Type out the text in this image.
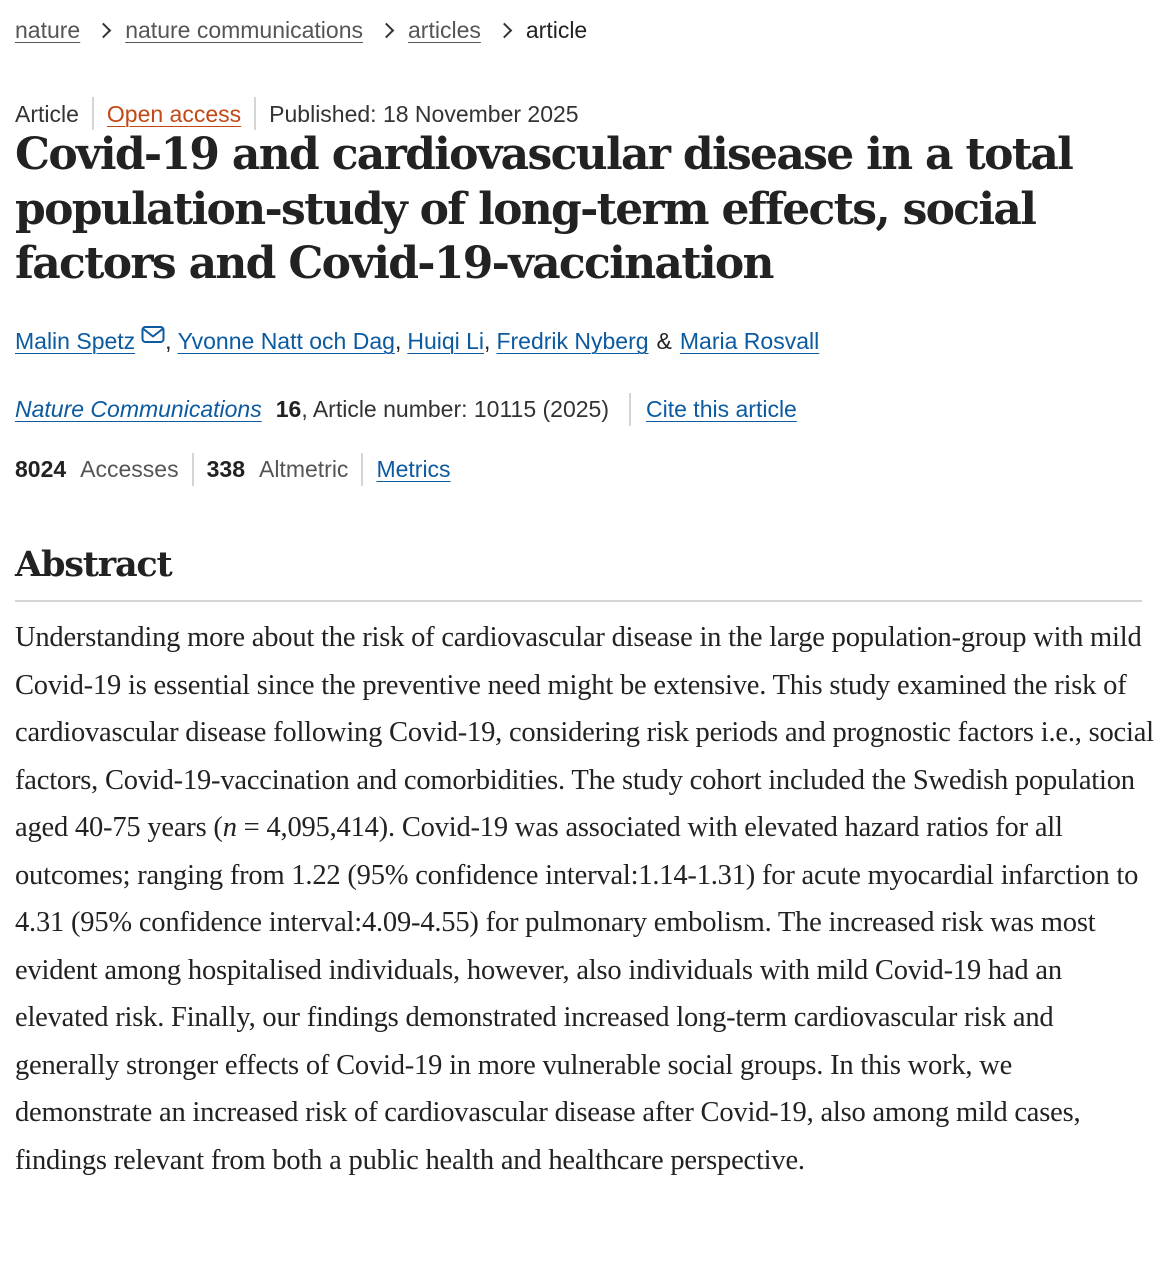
nature nature communications articles article
Article Open access Published: 18 November 2025
Covid-19 and cardiovascular disease in a total population-study of long-term effects, social factors and Covid-19-vaccination
Malin Spetz , Yvonne Natt och Dag , Huiqi Li , Fredrik Nyberg & Maria Rosvall
Nature Communications 16 , Article number: 10115 (2025) Cite this article
8024 Accesses 338 Altmetric Metrics
Abstract

Understanding more about the risk of cardiovascular disease in the large population-group with mild Covid-19 is essential since the preventive need might be extensive. This study examined the risk of cardiovascular disease following Covid-19, considering risk periods and prognostic factors i.e., social factors, Covid-19-vaccination and comorbidities. The study cohort included the Swedish population aged 40-75 years (n = 4,095,414). Covid-19 was associated with elevated hazard ratios for all outcomes; ranging from 1.22 (95% confidence interval:1.14-1.31) for acute myocardial infarction to 4.31 (95% confidence interval:4.09-4.55) for pulmonary embolism. The increased risk was most evident among hospitalised individuals, however, also individuals with mild Covid-19 had an elevated risk. Finally, our findings demonstrated increased long-term cardiovascular risk and generally stronger effects of Covid-19 in more vulnerable social groups. In this work, we demonstrate an increased risk of cardiovascular disease after Covid-19, also among mild cases, findings relevant from both a public health and healthcare perspective.
